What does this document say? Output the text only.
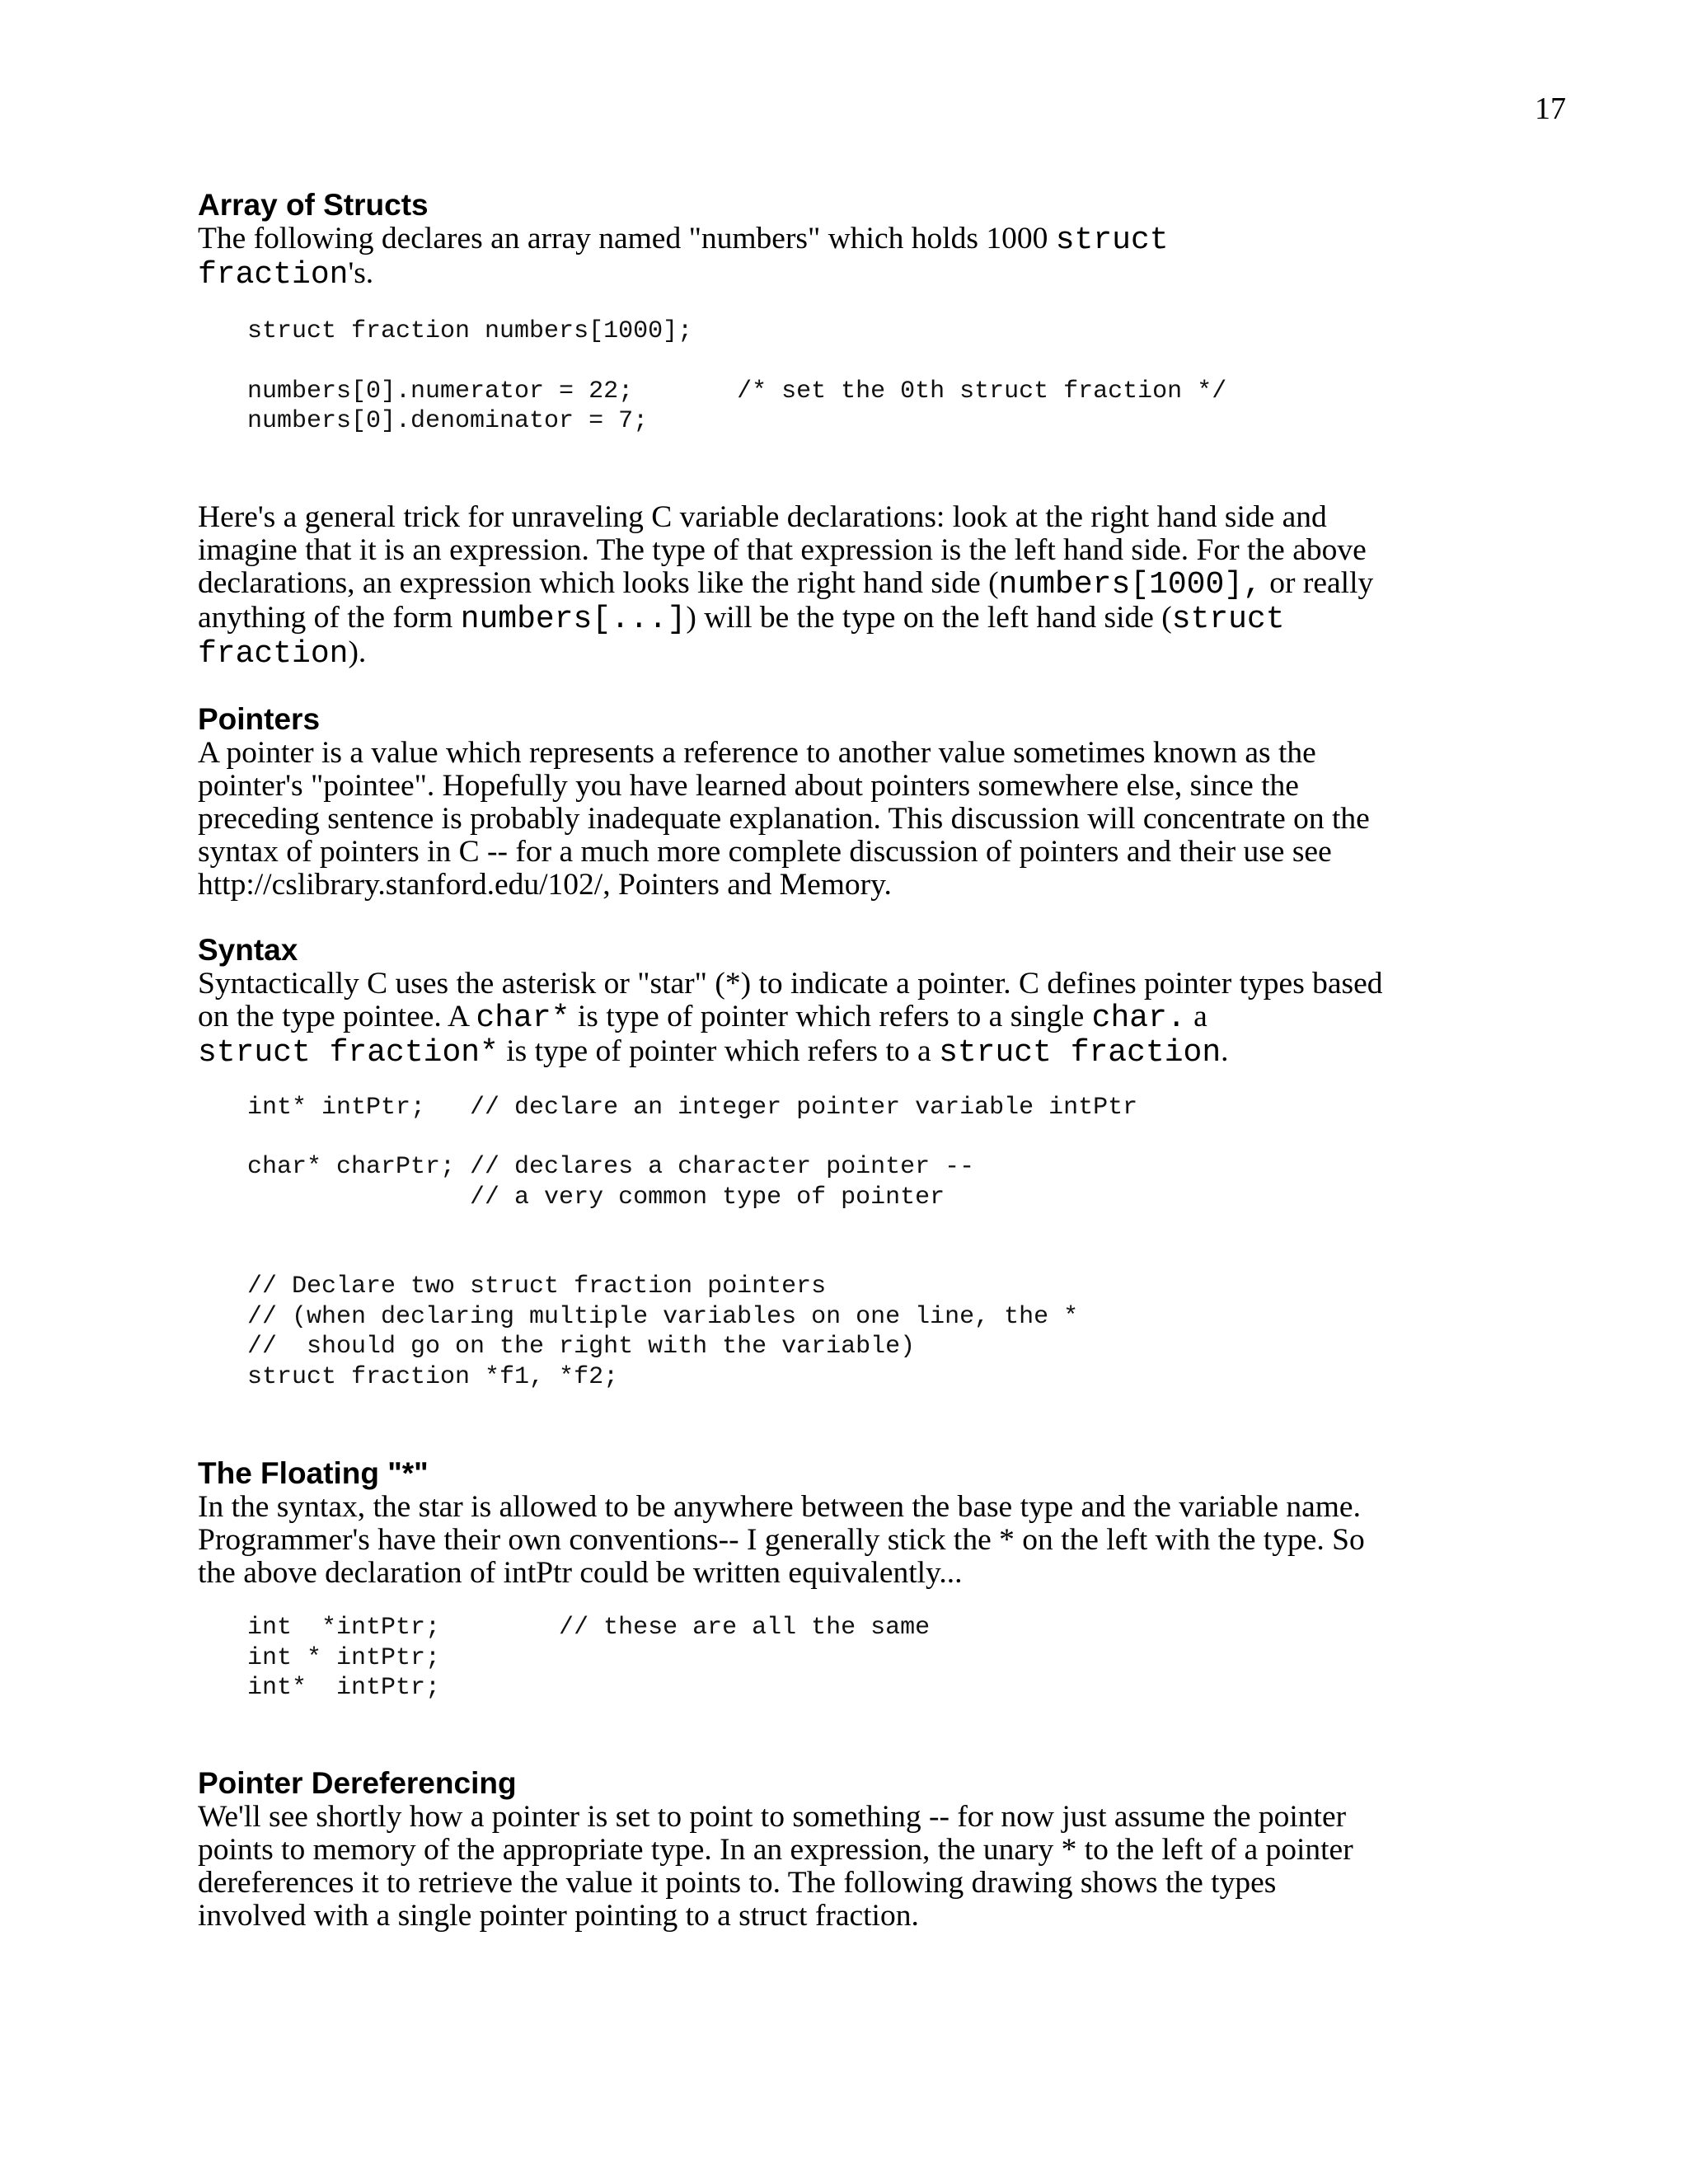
17
Array of Structs

The following declares an array named "numbers" which holds 1000 struct
fraction's.

struct fraction numbers[1000];
numbers[0].numerator = 22;       /* set the 0th struct fraction */
numbers[0].denominator = 7;

Here's a general trick for unraveling C variable declarations: look at the right hand side and imagine that it is an expression. The type of that expression is the left hand side. For the above declarations, an expression which looks like the right hand side (numbers[1000], or really anything of the form numbers[...]) will be the type on the left hand side (struct fraction).

Pointers

A pointer is a value which represents a reference to another value sometimes known as the pointer's "pointee". Hopefully you have learned about pointers somewhere else, since the preceding sentence is probably inadequate explanation. This discussion will concentrate on the syntax of pointers in C -- for a much more complete discussion of pointers and their use see http://cslibrary.stanford.edu/102/, Pointers and Memory.

Syntax

Syntactically C uses the asterisk or "star" (*) to indicate a pointer. C defines pointer types based on the type pointee. A char* is type of pointer which refers to a single char. a
struct fraction* is type of pointer which refers to a struct fraction.

int* intPtr;   // declare an integer pointer variable intPtr
char* charPtr; // declares a character pointer --
// a very common type of pointer
// Declare two struct fraction pointers
// (when declaring multiple variables on one line, the *
//  should go on the right with the variable)
struct fraction *f1, *f2;
The Floating "*"

In the syntax, the star is allowed to be anywhere between the base type and the variable name. Programmer's have their own conventions-- I generally stick the * on the left with the type. So the above declaration of intPtr could be written equivalently...

int  *intPtr;        // these are all the same
int * intPtr;
int*  intPtr;
Pointer Dereferencing

We'll see shortly how a pointer is set to point to something -- for now just assume the pointer points to memory of the appropriate type. In an expression, the unary * to the left of a pointer dereferences it to retrieve the value it points to. The following drawing shows the types involved with a single pointer pointing to a struct fraction.
